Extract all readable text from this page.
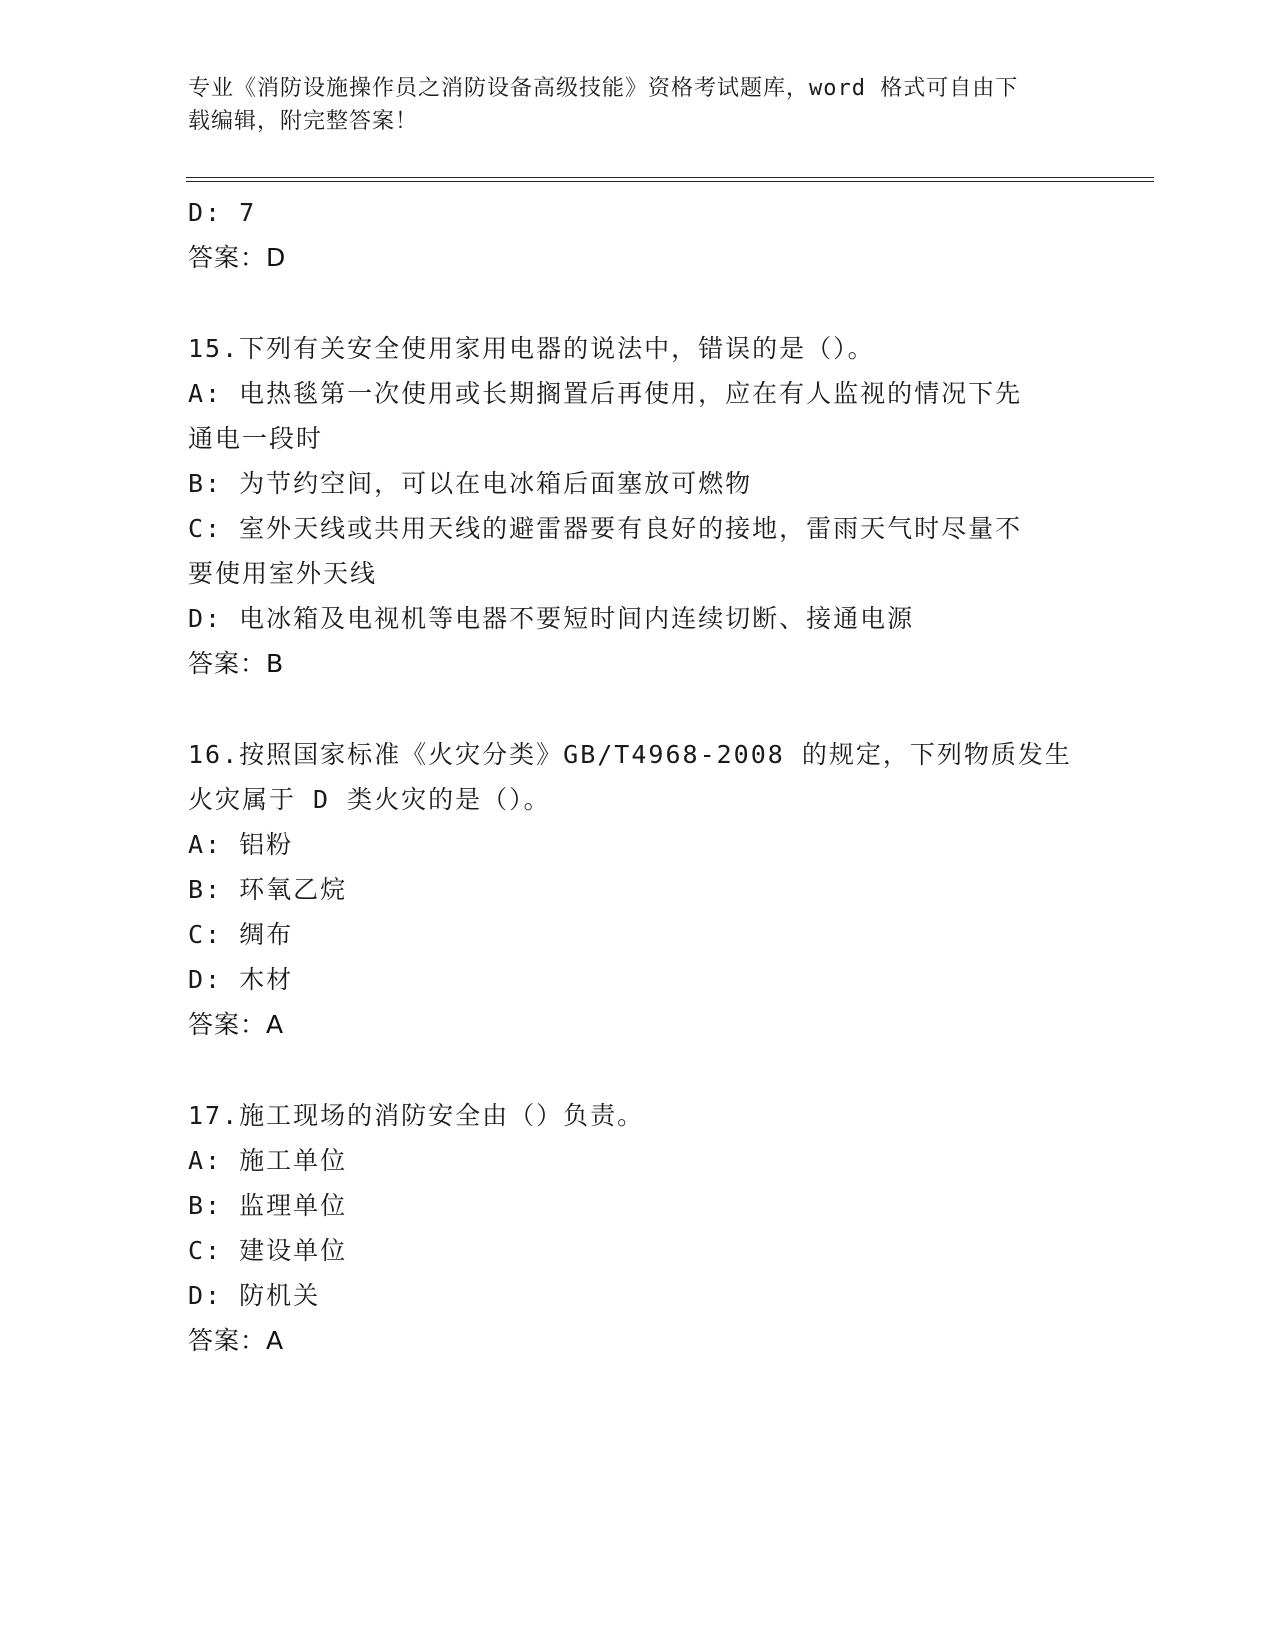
专业《消防设施操作员之消防设备高级技能》资格考试题库，word 格式可自由下
载编辑，附完整答案！
D: 7
答案：D
15.下列有关安全使用家用电器的说法中，错误的是（）。
A: 电热毯第一次使用或长期搁置后再使用，应在有人监视的情况下先
通电一段时
B: 为节约空间，可以在电冰箱后面塞放可燃物
C: 室外天线或共用天线的避雷器要有良好的接地，雷雨天气时尽量不
要使用室外天线
D: 电冰箱及电视机等电器不要短时间内连续切断、接通电源
答案：B
16.按照国家标准《火灾分类》GB/T4968-2008 的规定，下列物质发生
火灾属于 D 类火灾的是（）。
A: 铝粉
B: 环氧乙烷
C: 绸布
D: 木材
答案：A
17.施工现场的消防安全由（）负责。
A: 施工单位
B: 监理单位
C: 建设单位
D: 防机关
答案：A
